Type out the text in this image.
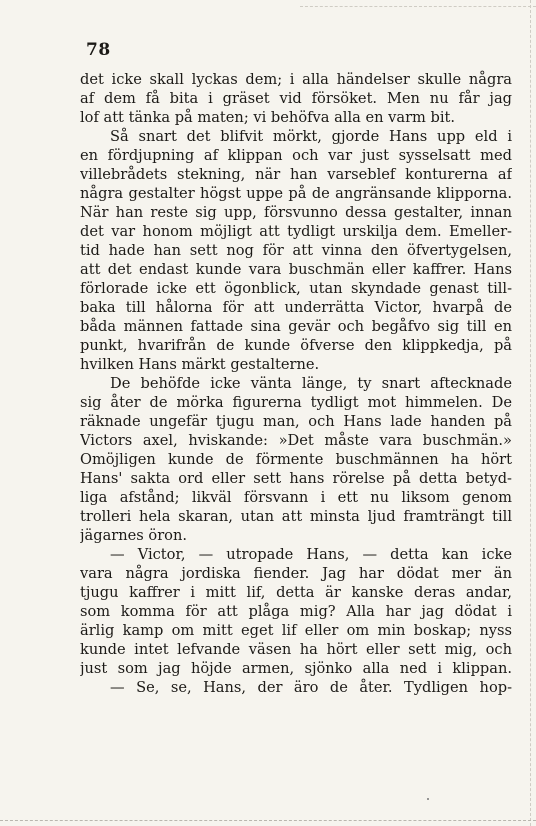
78
det icke skall lyckas dem; i alla händelser skulle några
af dem få bita i gräset vid försöket. Men nu får jag
lof att tänka på maten; vi behöfva alla en varm bit.
Så snart det blifvit mörkt, gjorde Hans upp eld i
en fördjupning af klippan och var just sysselsatt med
villebrådets stekning, när han varseblef konturerna af
några gestalter högst uppe på de angränsande klipporna.
När han reste sig upp, försvunno dessa gestalter, innan
det var honom möjligt att tydligt urskilja dem. Emeller-
tid hade han sett nog för att vinna den öfvertygelsen,
att det endast kunde vara buschmän eller kaffrer. Hans
förlorade icke ett ögonblick, utan skyndade genast till-
baka till hålorna för att underrätta Victor, hvarpå de
båda männen fattade sina gevär och begåfvo sig till en
punkt, hvarifrån de kunde öfverse den klippkedja, på
hvilken Hans märkt gestalterne.
De behöfde icke vänta länge, ty snart aftecknade
sig åter de mörka figurerna tydligt mot himmelen. De
räknade ungefär tjugu man, och Hans lade handen på
Victors axel, hviskande: »Det måste vara buschmän.»
Omöjligen kunde de förmente buschmännen ha hört
Hans' sakta ord eller sett hans rörelse på detta betyd-
liga afstånd; likväl försvann i ett nu liksom genom
trolleri hela skaran, utan att minsta ljud framträngt till
jägarnes öron.
— Victor, — utropade Hans, — detta kan icke
vara några jordiska fiender. Jag har dödat mer än
tjugu kaffrer i mitt lif, detta är kanske deras andar,
som komma för att plåga mig? Alla har jag dödat i
ärlig kamp om mitt eget lif eller om min boskap; nyss
kunde intet lefvande väsen ha hört eller sett mig, och
just som jag höjde armen, sjönko alla ned i klippan.
— Se, se, Hans, der äro de åter. Tydligen hop-
